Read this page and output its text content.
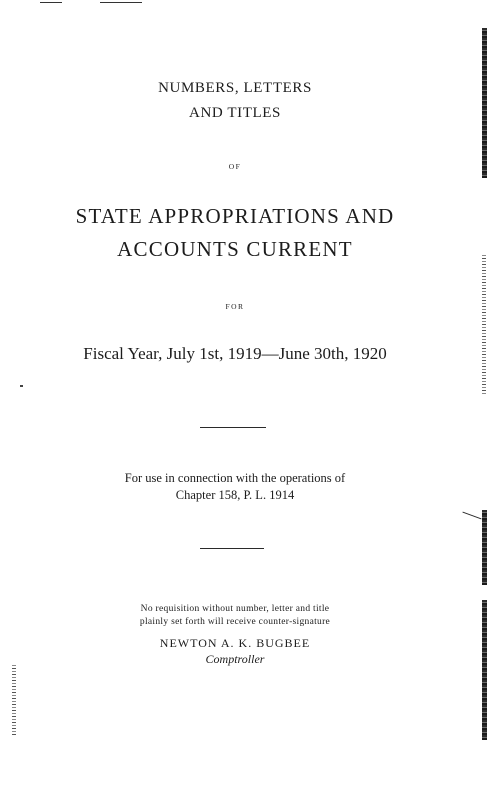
NUMBERS, LETTERS
AND TITLES
OF
STATE APPROPRIATIONS AND
ACCOUNTS CURRENT
FOR
Fiscal Year, July 1st, 1919—June 30th, 1920
For use in connection with the operations of
Chapter 158, P. L. 1914
No requisition without number, letter and title
plainly set forth will receive counter-signature
NEWTON A. K. BUGBEE
Comptroller
